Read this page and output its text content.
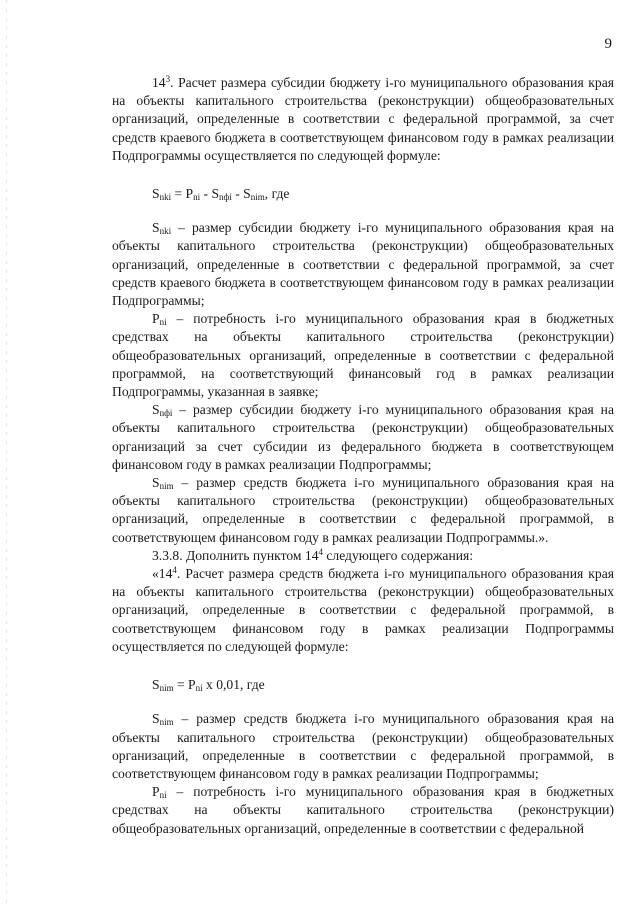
9

$14^3$. Расчет размера субсидии бюджету i-го муниципального образования края на объекты капитального строительства (реконструкции) общеобразовательных организаций, определенные в соответствии с федеральной программой, за счет средств краевого бюджета в соответствующем финансовом году в рамках реализации Подпрограммы осуществляется по следующей формуле:

$S_{nki} = P_{ni} - S_{nфi} - S_{nim}$, где

$S_{nki}$ – размер субсидии бюджету i-го муниципального образования края на объекты капитального строительства (реконструкции) общеобразовательных организаций, определенные в соответствии с федеральной программой, за счет средств краевого бюджета в соответствующем финансовом году в рамках реализации Подпрограммы;

$P_{ni}$ – потребность i-го муниципального образования края в бюджетных средствах на объекты капитального строительства (реконструкции) общеобразовательных организаций, определенные в соответствии с федеральной программой, на соответствующий финансовый год в рамках реализации Подпрограммы, указанная в заявке;

$S_{nфi}$ – размер субсидии бюджету i-го муниципального образования края на объекты капитального строительства (реконструкции) общеобразовательных организаций за счет субсидии из федерального бюджета в соответствующем финансовом году в рамках реализации Подпрограммы;

$S_{nim}$ – размер средств бюджета i-го муниципального образования края на объекты капитального строительства (реконструкции) общеобразовательных организаций, определенные в соответствии с федеральной программой, в соответствующем финансовом году в рамках реализации Подпрограммы.».

3.3.8. Дополнить пунктом $14^4$ следующего содержания:

«$14^4$. Расчет размера средств бюджета i-го муниципального образования края на объекты капитального строительства (реконструкции) общеобразовательных организаций, определенные в соответствии с федеральной программой, в соответствующем финансовом году в рамках реализации Подпрограммы осуществляется по следующей формуле:

$S_{nim} = P_{ni}$ x 0,01, где

$S_{nim}$ – размер средств бюджета i-го муниципального образования края на объекты капитального строительства (реконструкции) общеобразовательных организаций, определенные в соответствии с федеральной программой, в соответствующем финансовом году в рамках реализации Подпрограммы;

$P_{ni}$ – потребность i-го муниципального образования края в бюджетных средствах на объекты капитального строительства (реконструкции) общеобразовательных организаций, определенные в соответствии с федеральной
